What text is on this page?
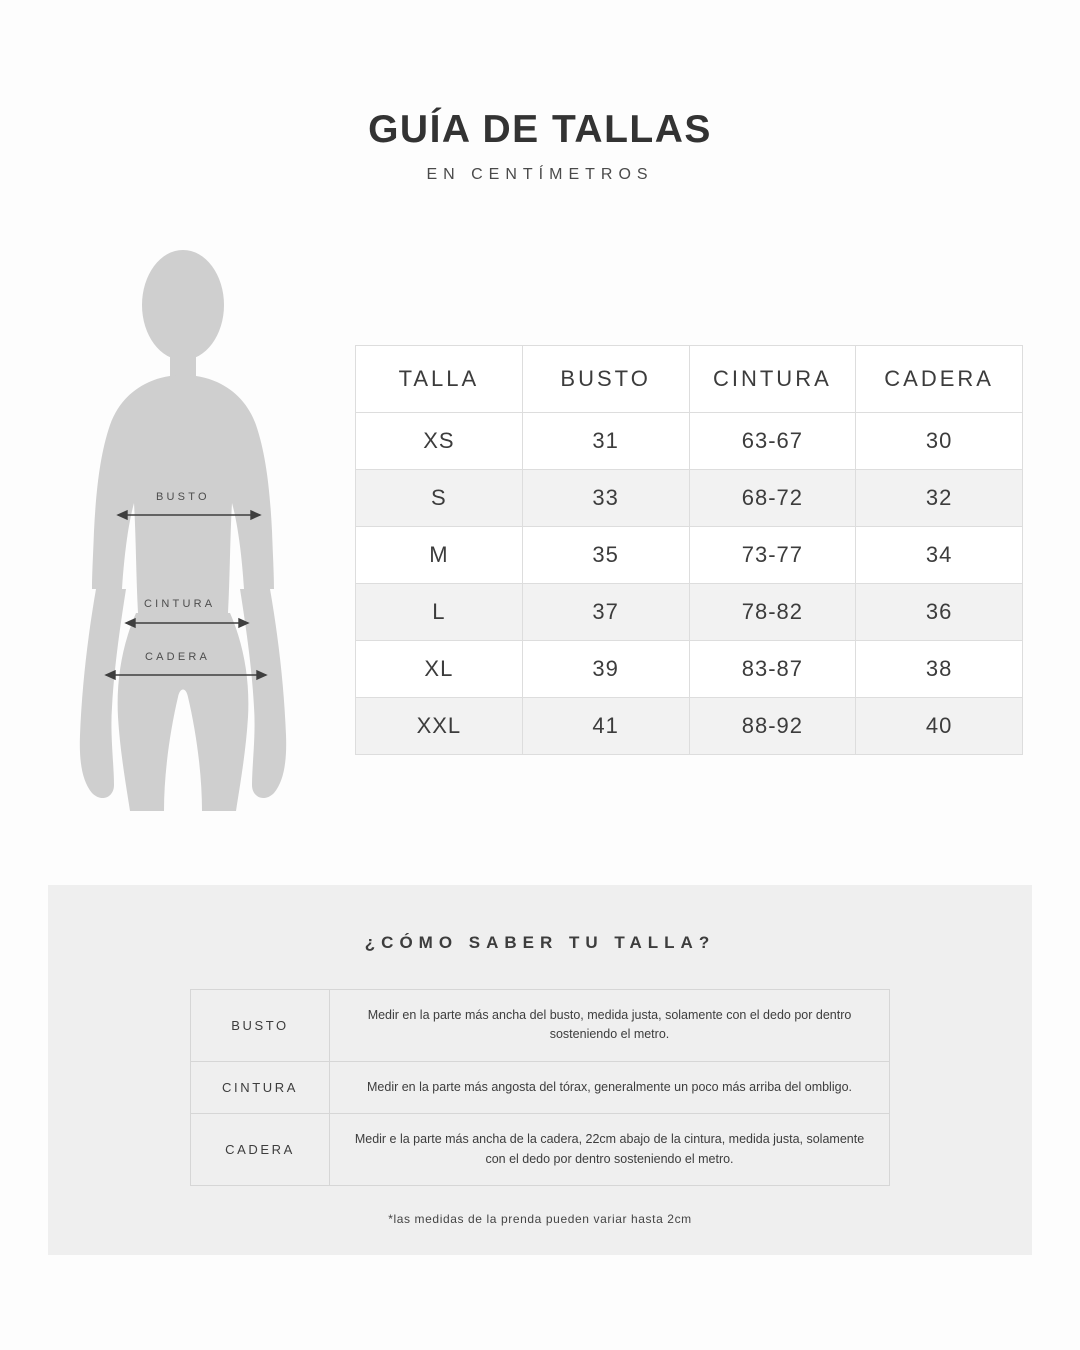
GUÍA DE TALLAS

EN CENTÍMETROS

BUSTO
CINTURA
CADERA
TALLA	BUSTO	CINTURA	CADERA
XS	31	63-67	30
S	33	68-72	32
M	35	73-77	34
L	37	78-82	36
XL	39	83-87	38
XXL	41	88-92	40
¿CÓMO SABER TU TALLA?
BUSTO	Medir en la parte más ancha del busto, medida justa, solamente con el dedo por dentro sosteniendo el metro.
CINTURA	Medir en la parte más angosta del tórax, generalmente un poco más arriba del ombligo.
CADERA	Medir e la parte más ancha de la cadera, 22cm abajo de la cintura, medida justa, solamente con el dedo por dentro sosteniendo el metro.
*las medidas de la prenda pueden variar hasta 2cm
